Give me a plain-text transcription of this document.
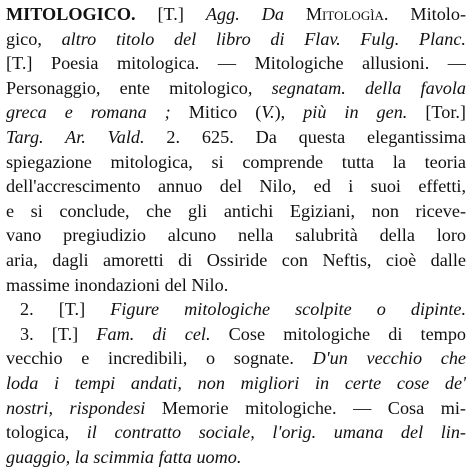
MITOLOGICO. [T.] Agg. Da Mitologìa. Mitolo-
gico, altro titolo del libro di Flav. Fulg. Planc.
[T.] Poesia mitologica. — Mitologiche allusioni. —
Personaggio, ente mitologico, segnatam. della favola
greca e romana ; Mitico (V.), più in gen. [Tor.]
Targ. Ar. Vald. 2. 625. Da questa elegantissima
spiegazione mitologica, si comprende tutta la teoria
dell'accrescimento annuo del Nilo, ed i suoi effetti,
e si conclude, che gli antichi Egiziani, non riceve-
vano pregiudizio alcuno nella salubrità della loro
aria, dagli amoretti di Ossiride con Neftis, cioè dalle
massime inondazioni del Nilo.
2. [T.] Figure mitologiche scolpite o dipinte.
3. [T.] Fam. di cel. Cose mitologiche di tempo
vecchio e incredibili, o sognate. D'un vecchio che
loda i tempi andati, non migliori in certe cose de'
nostri, rispondesi Memorie mitologiche. — Cosa mi-
tologica, il contratto sociale, l'orig. umana del lin-
guaggio, la scimmia fatta uomo.
